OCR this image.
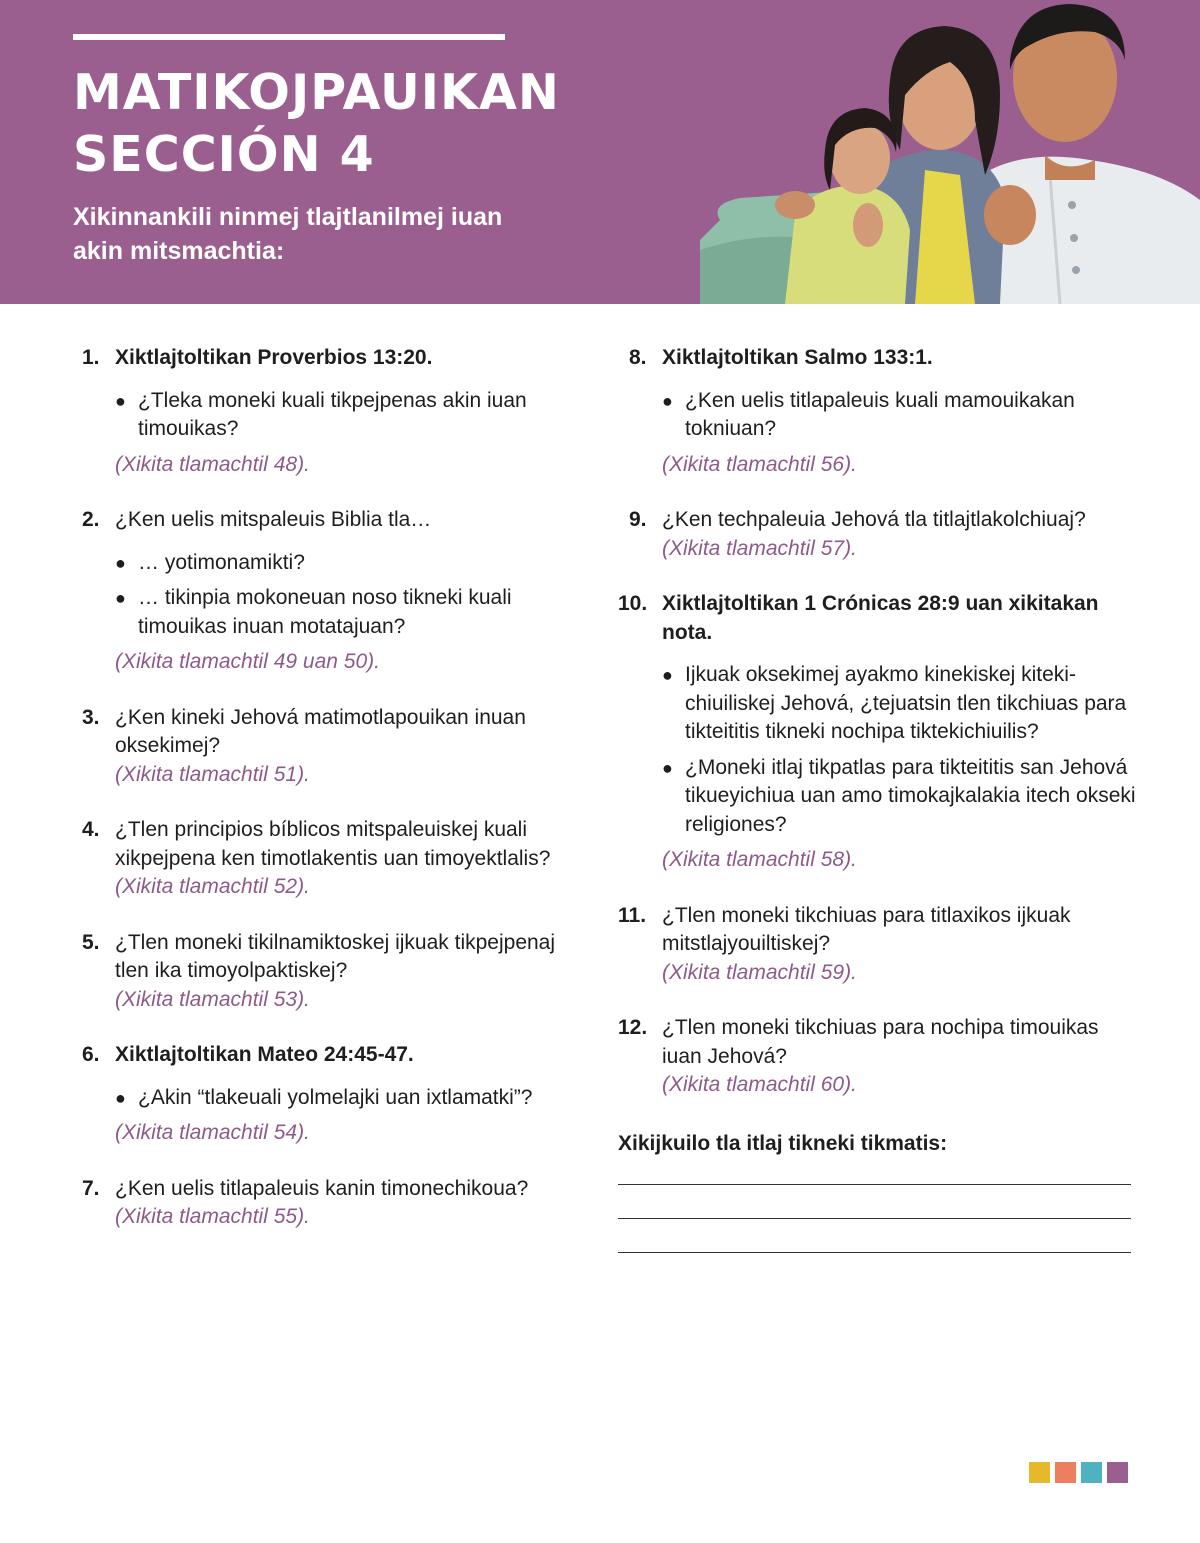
MATIKOJPAUIKAN
SECCIÓN 4

Xikinnankili ninmej tlajtlanilmej iuan akin mitsmachtia:

1. Xiktlajtoltikan Proverbios 13:20.
● ¿Tleka moneki kuali tikpejpenas akin iuan timouikas?
(Xikita tlamachtil 48).
2. ¿Ken uelis mitspaleuis Biblia tla…
● … yotimonamikti?
● … tikinpia mokoneuan noso tikneki kuali timouikas inuan motatajuan?
(Xikita tlamachtil 49 uan 50).
3. ¿Ken kineki Jehová matimotlapouikan inuan oksekimej?
(Xikita tlamachtil 51).
4. ¿Tlen principios bíblicos mitspaleuiskej kuali xikpejpena ken timotlakentis uan timoyektlalis?
(Xikita tlamachtil 52).
5. ¿Tlen moneki tikilnamiktoskej ijkuak tikpejpenaj tlen ika timoyolpaktiskej?
(Xikita tlamachtil 53).
6. Xiktlajtoltikan Mateo 24:45-47.
● ¿Akin “tlakeuali yolmelajki uan ixtlamatki”?
(Xikita tlamachtil 54).
7. ¿Ken uelis titlapaleuis kanin timonechikoua?
(Xikita tlamachtil 55).
8. Xiktlajtoltikan Salmo 133:1.
● ¿Ken uelis titlapaleuis kuali mamouikakan tokniuan?
(Xikita tlamachtil 56).
9. ¿Ken techpaleuia Jehová tla titlajtlakolchiuaj?
(Xikita tlamachtil 57).
10. Xiktlajtoltikan 1 Crónicas 28:9 uan xikitakan nota.
● Ijkuak oksekimej ayakmo kinekiskej kitekichiuiliskej Jehová, ¿tejuatsin tlen tikchiuas para tikteititis tikneki nochipa tiktekichiuilis?
● ¿Moneki itlaj tikpatlas para tikteititis san Jehová tikueyichiua uan amo timokajkalakia itech okseki religiones?
(Xikita tlamachtil 58).
11. ¿Tlen moneki tikchiuas para titlaxikos ijkuak mitstlajyouiltiskej?
(Xikita tlamachtil 59).
12. ¿Tlen moneki tikchiuas para nochipa timouikas iuan Jehová?
(Xikita tlamachtil 60).
Xikijkuilo tla itlaj tikneki tikmatis:
